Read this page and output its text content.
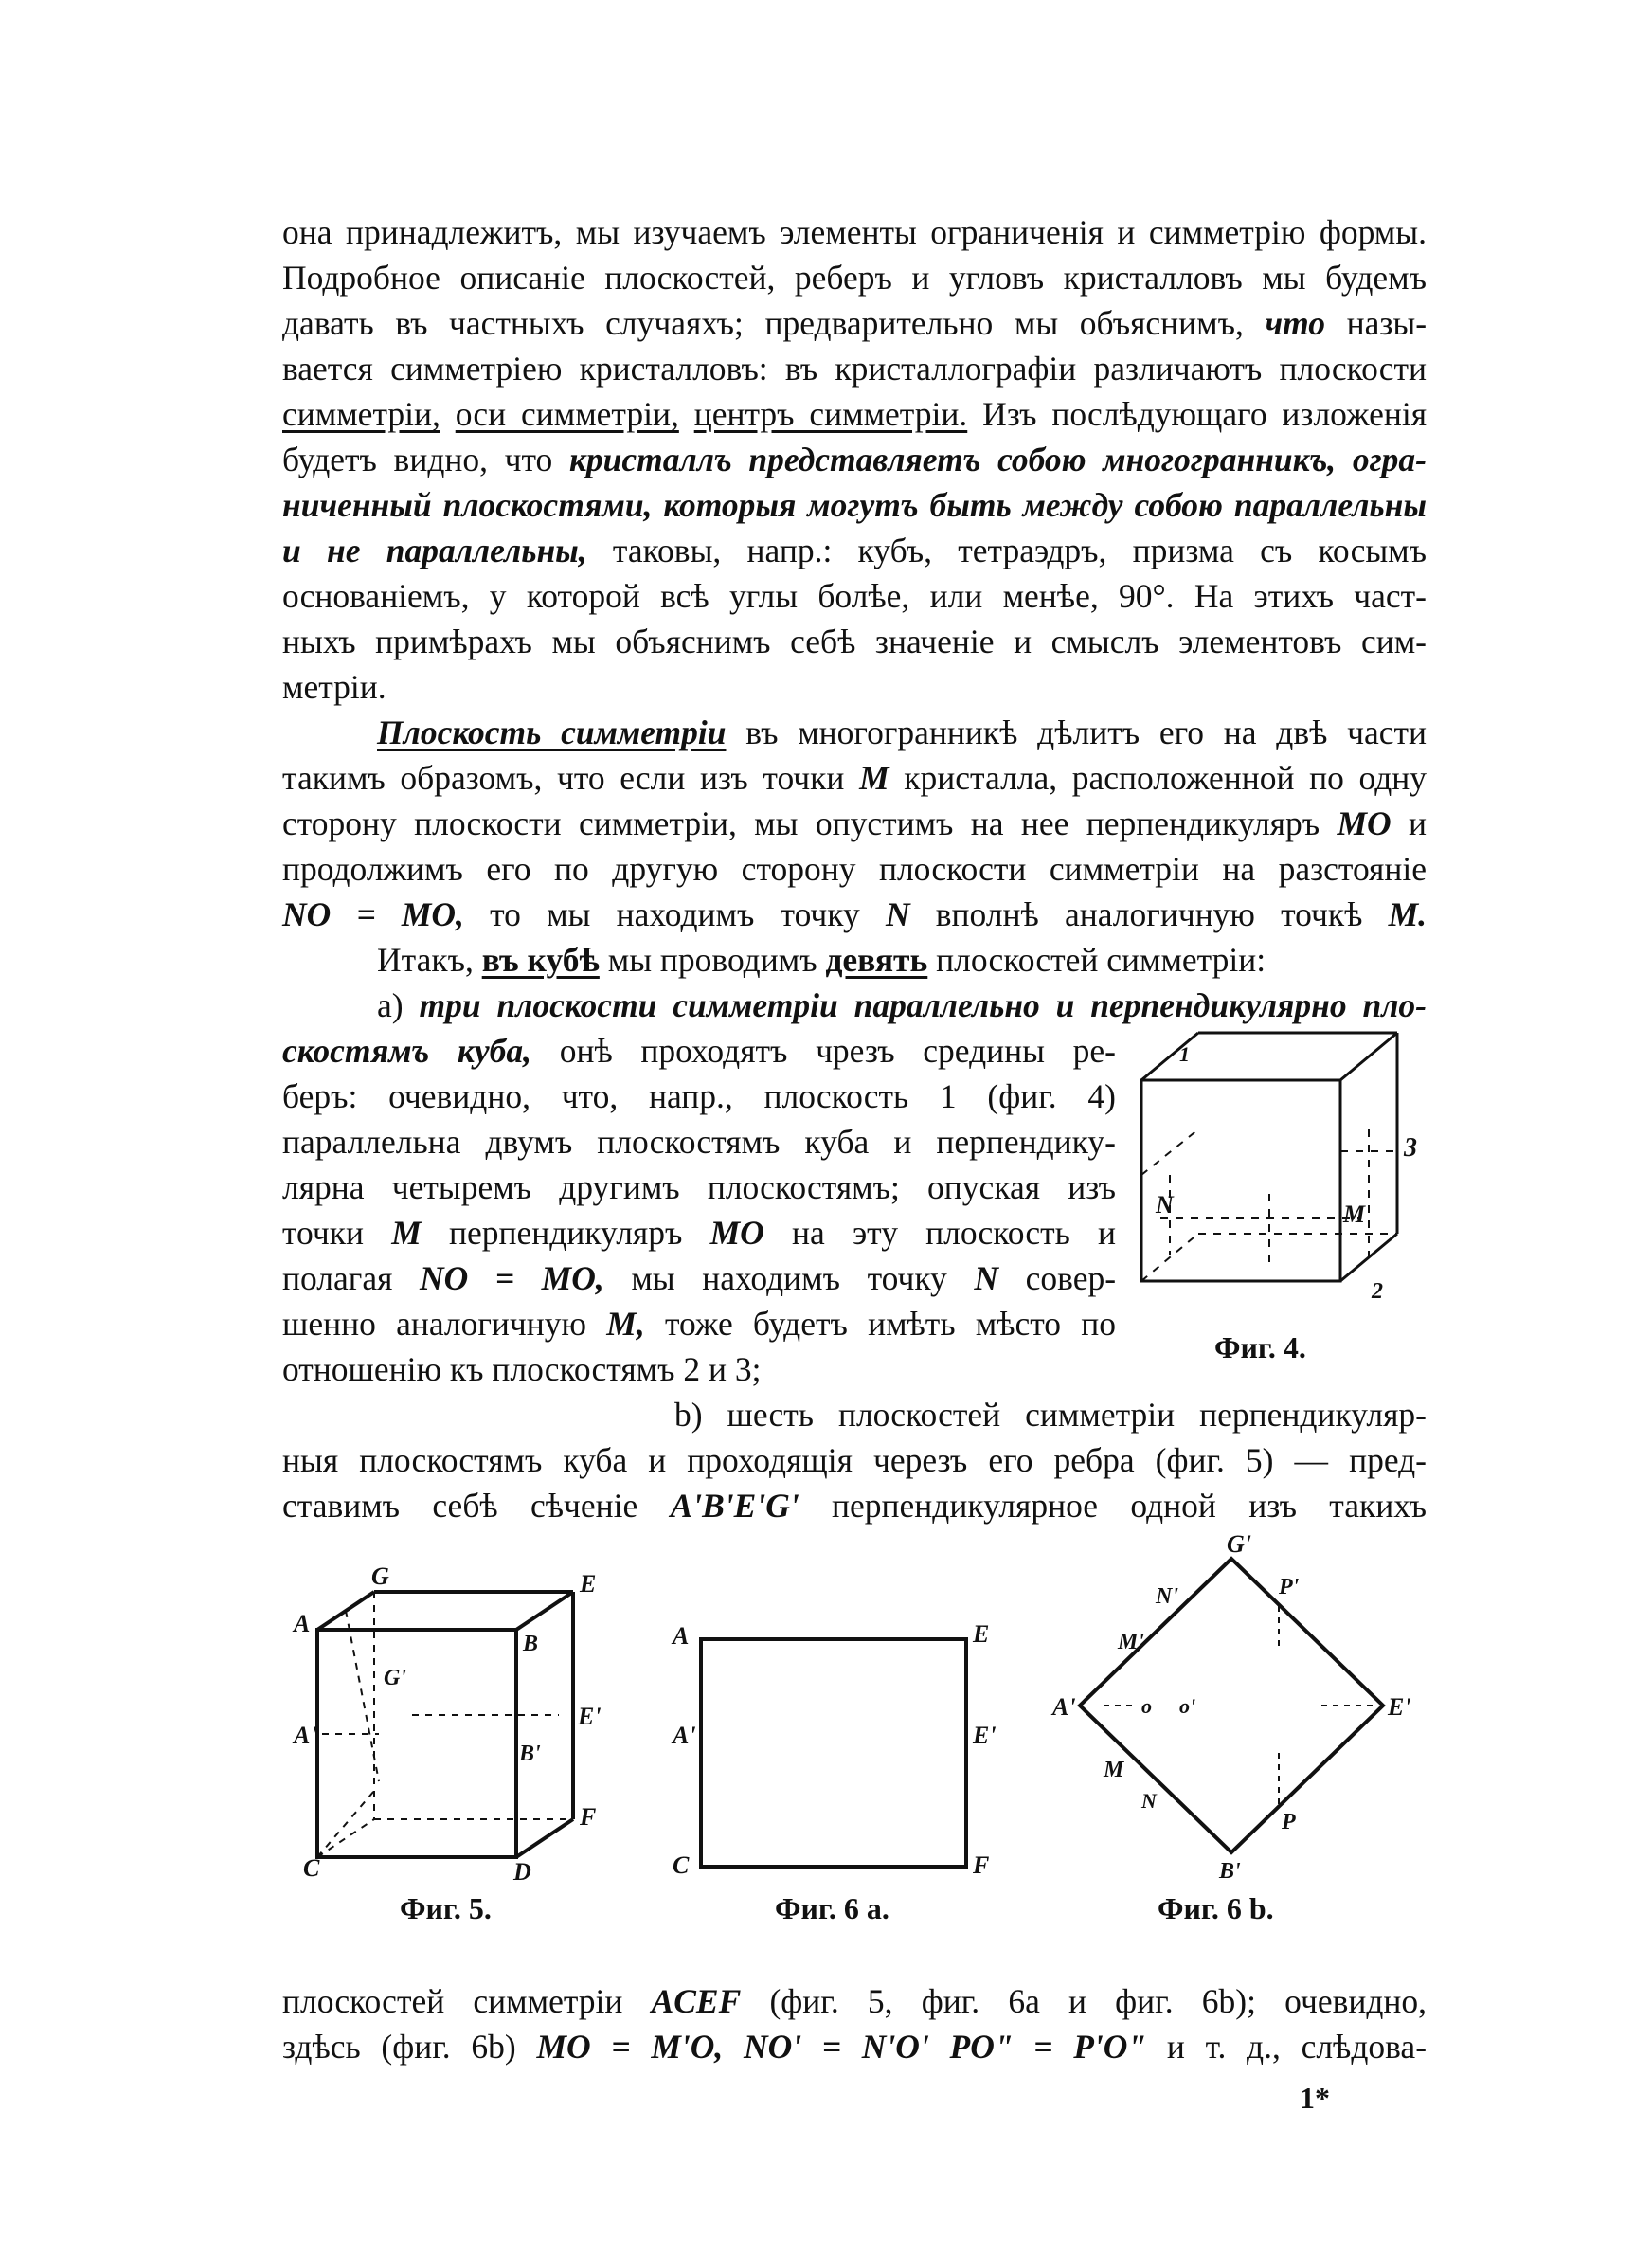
она принадлежитъ, мы изучаемъ элементы ограниченія и симметрію формы.
Подробное описаніе плоскостей, реберъ и угловъ кристалловъ мы будемъ
давать въ частныхъ случаяхъ; предварительно мы объяснимъ, что назы-
вается симметріею кристалловъ: въ кристаллографіи различаютъ плоскости
симметріи, оси симметріи, центръ симметріи. Изъ послѣдующаго изложенія
будетъ видно, что кристаллъ представляетъ собою многогранникъ, огра-
ниченный плоскостями, которыя могутъ быть между собою параллельны
и не параллельны, таковы, напр.: кубъ, тетраэдръ, призма съ косымъ
основаніемъ, у которой всѣ углы болѣе, или менѣе, 90°. На этихъ част-
ныхъ примѣрахъ мы объяснимъ себѣ значеніе и смыслъ элементовъ сим-
метріи.
Плоскость симметріи въ многогранникѣ дѣлитъ его на двѣ части
такимъ образомъ, что если изъ точки M кристалла, расположенной по одну
сторону плоскости симметріи, мы опустимъ на нее перпендикуляръ MO и
продолжимъ его по другую сторону плоскости симметріи на разстояніе
NO = MO, то мы находимъ точку N вполнѣ аналогичную точкѣ M.
Итакъ, въ кубѣ мы проводимъ девять плоскостей симметріи:
a) три плоскости симметріи параллельно и перпендикулярно пло-
скостямъ куба, онѣ проходятъ чрезъ средины ре-
беръ: очевидно, что, напр., плоскость 1 (фиг. 4)
параллельна двумъ плоскостямъ куба и перпендику-
лярна четыремъ другимъ плоскостямъ; опуская изъ
точки M перпендикуляръ MO на эту плоскость и
полагая NO = MO, мы находимъ точку N совер-
шенно аналогичную M, тоже будетъ имѣть мѣсто по
отношенію къ плоскостямъ 2 и 3;
1
3
2
N	M
Фиг. 4.
b) шесть плоскостей симметріи перпендикуляр-
ныя плоскостямъ куба и проходящія черезъ его ребра (фиг. 5) — пред-
ставимъ себѣ сѣченіе A'B'E'G' перпендикулярное одной изъ такихъ
A
G	E
B
G'
E'
A'
B'
F
C	D
Фиг. 5.
A	E
A'	E'
C	F
Фиг. 6 a.
G'
N'	P'
M'
A'	E'
o o'
M
N
P
B'
Фиг. 6 b.
плоскостей симметріи ACEF (фиг. 5, фиг. 6a и фиг. 6b); очевидно,
здѣсь (фиг. 6b) MO = M'O, NO' = N'O' PO" = P'O" и т. д., слѣдова-
1*
